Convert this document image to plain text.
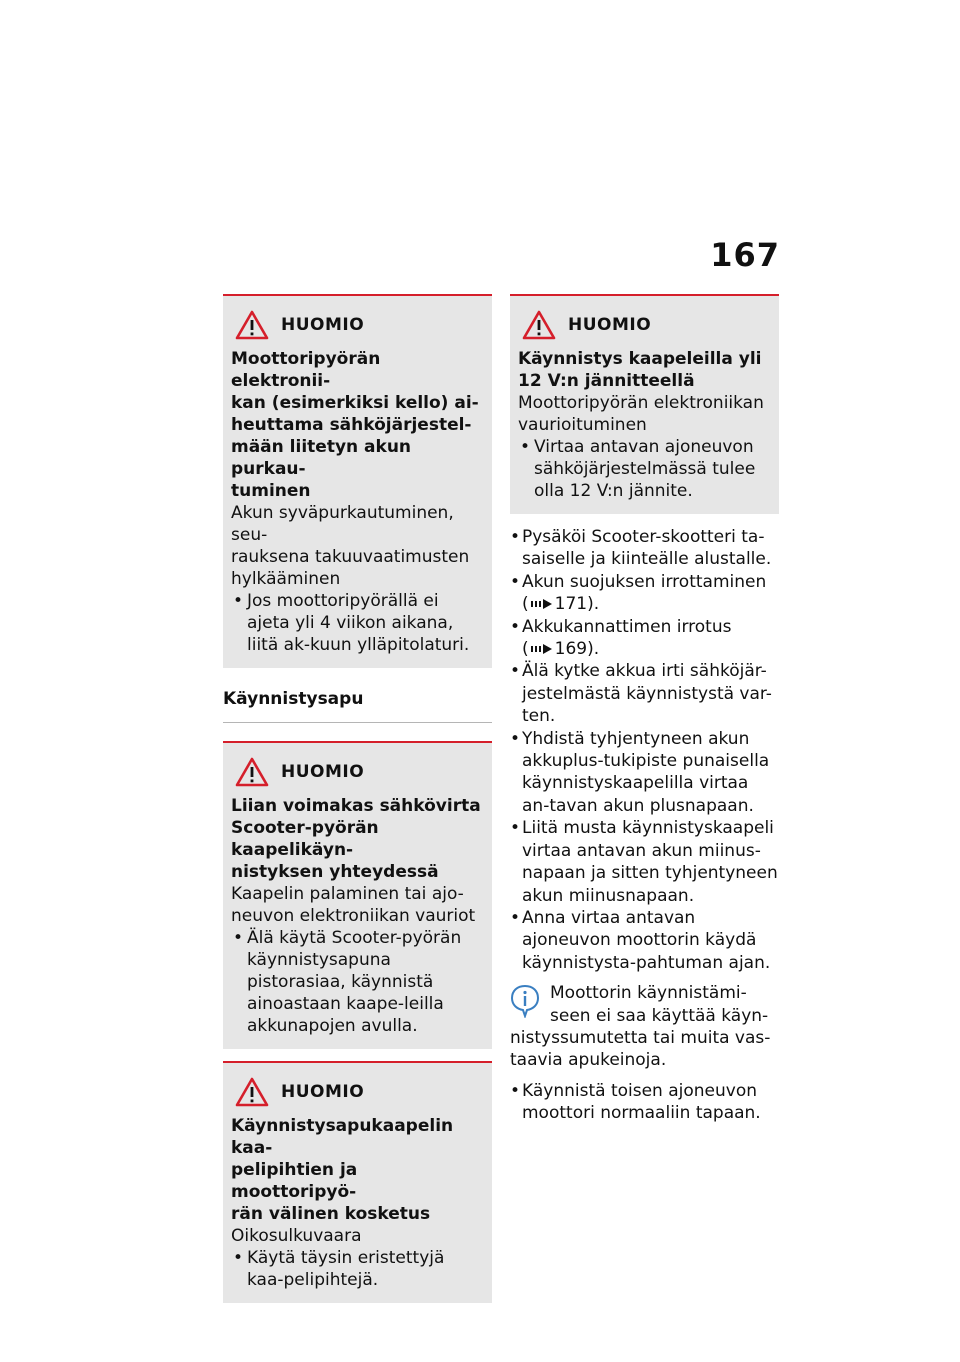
167
HUOMIO
Moottoripyörän elektronii-
kan (esimerkiksi kello) ai-
heuttama sähköjärjestel-
mään liitetyn akun purkau-
tuminen
Akun syväpurkautuminen, seu-
rauksena takuuvaatimusten
hylkääminen
• Jos moottoripyörällä ei ajeta yli 4 viikon aikana, liitä ak-kuun ylläpitolaturi.
Käynnistysapu
HUOMIO
Liian voimakas sähkövirta
Scooter-pyörän kaapelikäyn-
nistyksen yhteydessä
Kaapelin palaminen tai ajo-
neuvon elektroniikan vauriot
• Älä käytä Scooter-pyörän käynnistysapuna pistorasiaa, käynnistä ainoastaan kaape-leilla akkunapojen avulla.
HUOMIO
Käynnistysapukaapelin kaa-
pelipihtien ja moottoripyö-
rän välinen kosketus
Oikosulkuvaara
• Käytä täysin eristettyjä kaa-pelipihtejä.
HUOMIO
Käynnistys kaapeleilla yli
12 V:n jännitteellä
Moottoripyörän elektroniikan
vaurioituminen
• Virtaa antavan ajoneuvon sähköjärjestelmässä tulee olla 12 V:n jännite.
• Pysäköi Scooter-skootteri ta-saiselle ja kiinteälle alustalle.
• Akun suojuksen irrottaminen
( 171).
• Akkukannattimen irrotus
( 169).
• Älä kytke akkua irti sähköjär-jestelmästä käynnistystä var-ten.
• Yhdistä tyhjentyneen akun akkuplus-tukipiste punaisella käynnistyskaapelilla virtaa an-tavan akun plusnapaan.
• Liitä musta käynnistyskaapeli virtaa antavan akun miinus-napaan ja sitten tyhjentyneen akun miinusnapaan.
• Anna virtaa antavan ajoneuvon moottorin käydä käynnistysta-pahtuman ajan.
Moottorin käynnistämi-seen ei saa käyttää käyn-nistyssumutetta tai muita vas-taavia apukeinoja.
• Käynnistä toisen ajoneuvon moottori normaaliin tapaan.
